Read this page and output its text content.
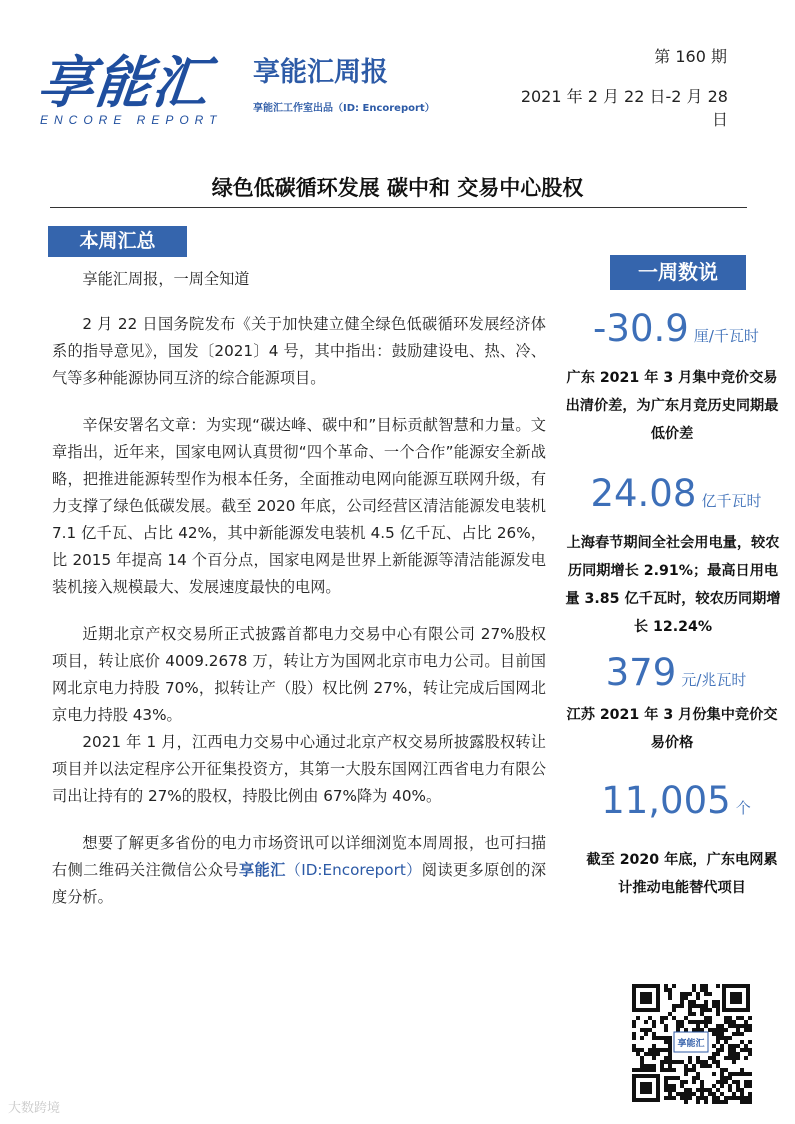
享能汇
ENCORE REPORT
享能汇周报
享能汇工作室出品（ID: Encoreport）
第 160 期
2021 年 2 月 22 日-2 月 28 日
绿色低碳循环发展 碳中和 交易中心股权
本周汇总
一周数说

享能汇周报，一周全知道

2 月 22 日国务院发布《关于加快建立健全绿色低碳循环发展经济体系的指导意见》，国发〔2021〕4 号，其中指出：鼓励建设电、热、冷、气等多种能源协同互济的综合能源项目。

辛保安署名文章：为实现“碳达峰、碳中和”目标贡献智慧和力量。文章指出，近年来，国家电网认真贯彻“四个革命、一个合作”能源安全新战略，把推进能源转型作为根本任务，全面推动电网向能源互联网升级，有力支撑了绿色低碳发展。截至 2020 年底，公司经营区清洁能源发电装机 7.1 亿千瓦、占比 42%，其中新能源发电装机 4.5 亿千瓦、占比 26%，比 2015 年提高 14 个百分点，国家电网是世界上新能源等清洁能源发电装机接入规模最大、发展速度最快的电网。

近期北京产权交易所正式披露首都电力交易中心有限公司 27%股权项目，转让底价 4009.2678 万，转让方为国网北京市电力公司。目前国网北京电力持股 70%，拟转让产（股）权比例 27%，转让完成后国网北京电力持股 43%。

2021 年 1 月，江西电力交易中心通过北京产权交易所披露股权转让项目并以法定程序公开征集投资方，其第一大股东国网江西省电力有限公司出让持有的 27%的股权，持股比例由 67%降为 40%。

想要了解更多省份的电力市场资讯可以详细浏览本周周报，也可扫描右侧二维码关注微信公众号享能汇（ID:Encoreport）阅读更多原创的深度分析。

-30.9 厘/千瓦时
广东 2021 年 3 月集中竞价交易出清价差，为广东月竞历史同期最低价差
24.08 亿千瓦时
上海春节期间全社会用电量，较农历同期增长 2.91%；最高日用电量 3.85 亿千瓦时，较农历同期增长 12.24%
379 元/兆瓦时
江苏 2021 年 3 月份集中竞价交易价格
11,005 个
截至 2020 年底，广东电网累计推动电能替代项目
享能汇
大数跨境
